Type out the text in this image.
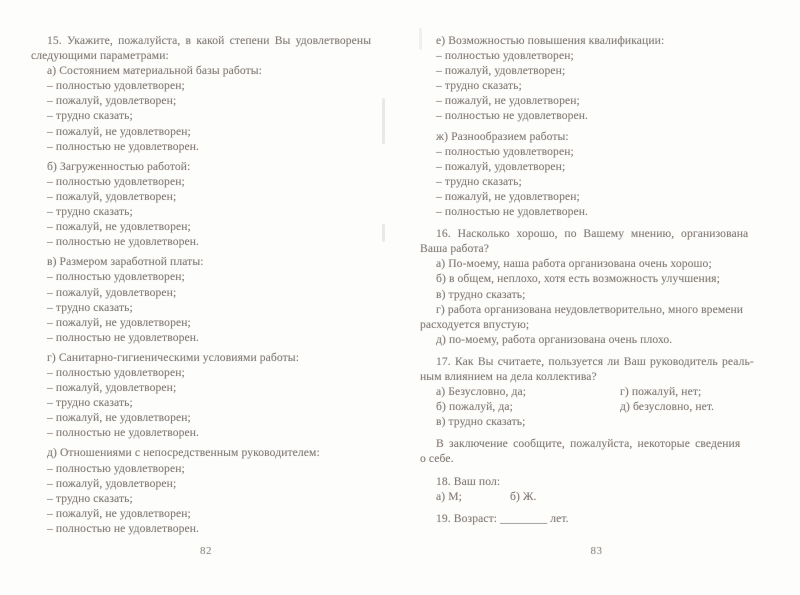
15. Укажите, пожалуйста, в какой степени Вы удовлетворены
следующими параметрами:
а) Состоянием материальной базы работы:
– полностью удовлетворен;
– пожалуй, удовлетворен;
– трудно сказать;
– пожалуй, не удовлетворен;
– полностью не удовлетворен.
б) Загруженностью работой:
– полностью удовлетворен;
– пожалуй, удовлетворен;
– трудно сказать;
– пожалуй, не удовлетворен;
– полностью не удовлетворен.
в) Размером заработной платы:
– полностью удовлетворен;
– пожалуй, удовлетворен;
– трудно сказать;
– пожалуй, не удовлетворен;
– полностью не удовлетворен.
г) Санитарно-гигиеническими условиями работы:
– полностью удовлетворен;
– пожалуй, удовлетворен;
– трудно сказать;
– пожалуй, не удовлетворен;
– полностью не удовлетворен.
д) Отношениями с непосредственным руководителем:
– полностью удовлетворен;
– пожалуй, удовлетворен;
– трудно сказать;
– пожалуй, не удовлетворен;
– полностью не удовлетворен.
е) Возможностью повышения квалификации:
– полностью удовлетворен;
– пожалуй, удовлетворен;
– трудно сказать;
– пожалуй, не удовлетворен;
– полностью не удовлетворен.
ж) Разнообразием работы:
– полностью удовлетворен;
– пожалуй, удовлетворен;
– трудно сказать;
– пожалуй, не удовлетворен;
– полностью не удовлетворен.
16. Насколько хорошо, по Вашему мнению, организована
Ваша работа?
а) По-моему, наша работа организована очень хорошо;
б) в общем, неплохо, хотя есть возможность улучшения;
в) трудно сказать;
г) работа организована неудовлетворительно, много времени
расходуется впустую;
д) по-моему, работа организована очень плохо.
17. Как Вы считаете, пользуется ли Ваш руководитель реаль-
ным влиянием на дела коллектива?
а) Безусловно, да;	г) пожалуй, нет;
б) пожалуй, да;	д) безусловно, нет.
в) трудно сказать;
В заключение сообщите, пожалуйста, некоторые сведения
о себе.
18. Ваш пол:
а) М;	б) Ж.
19. Возраст: ________ лет.
82	83
